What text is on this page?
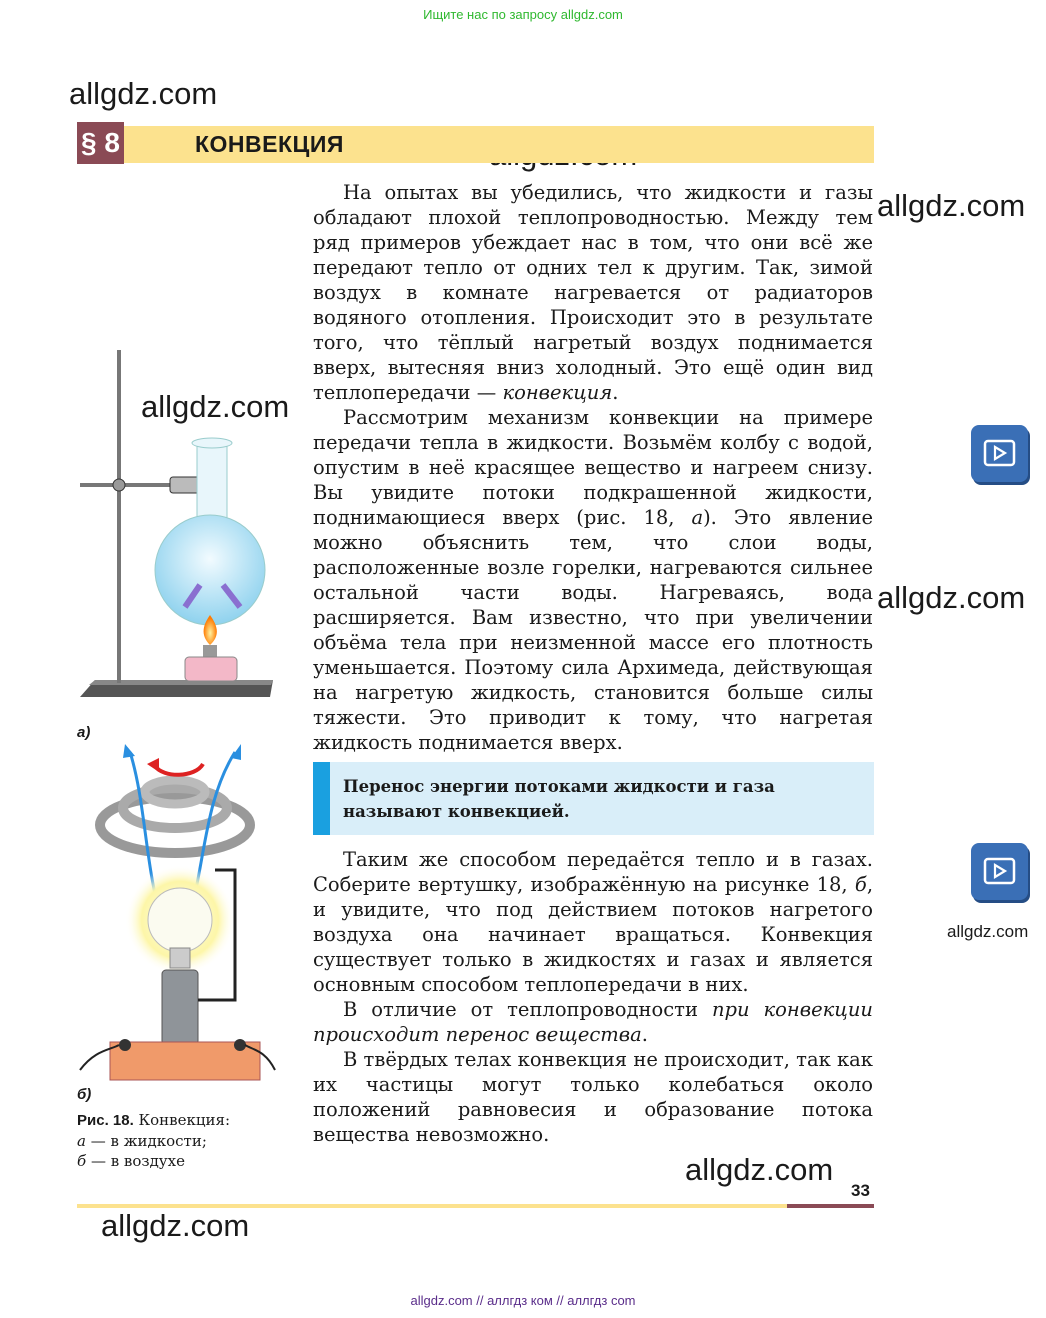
Ищите нас по запросу allgdz.com
allgdz.com
allgdz.com
allgdz.com
allgdz.com
allgdz.com
allgdz.com
allgdz.com
§ 8	КОНВЕКЦИЯ

На опытах вы убедились, что жидкости и газы обладают плохой теплопроводностью. Между тем ряд примеров убеждает нас в том, что они всё же передают тепло от одних тел к другим. Так, зимой воздух в комнате нагревается от радиаторов водяного отопления. Происходит это в результате того, что тёплый нагретый воздух поднимается вверх, вытесняя вниз холодный. Это ещё один вид теплопередачи — конвекция.

Рассмотрим механизм конвекции на примере передачи тепла в жидкости. Возьмём колбу с водой, опустим в неё красящее вещество и нагреем снизу. Вы увидите потоки подкрашенной жидкости, поднимающиеся вверх (рис. 18, а). Это явление можно объяснить тем, что слои воды, расположенные возле горелки, нагреваются сильнее остальной части воды. Нагреваясь, вода расширяется. Вам известно, что при увеличении объёма тела при неизменной массе его плотность уменьшается. Поэтому сила Архимеда, действующая на нагретую жидкость, становится больше силы тяжести. Это приводит к тому, что нагретая жидкость поднимается вверх.

Перенос энергии потоками жидкости и газа называют конвекцией.

Таким же способом передаётся тепло и в газах. Соберите вертушку, изображённую на рисунке 18, б, и увидите, что под действием потоков нагретого воздуха она начинает вращаться. Конвекция существует только в жидкостях и газах и является основным способом теплопередачи в них.

В отличие от теплопроводности при конвекции происходит перенос вещества.

В твёрдых телах конвекция не происходит, так как их частицы могут только колебаться около положений равновесия и образование потока вещества невозможно.

а)
б)
Рис. 18. Конвекция:
а — в жидкости;
б — в воздухе
33
allgdz.com // аллгдз ком // аллгдз com
